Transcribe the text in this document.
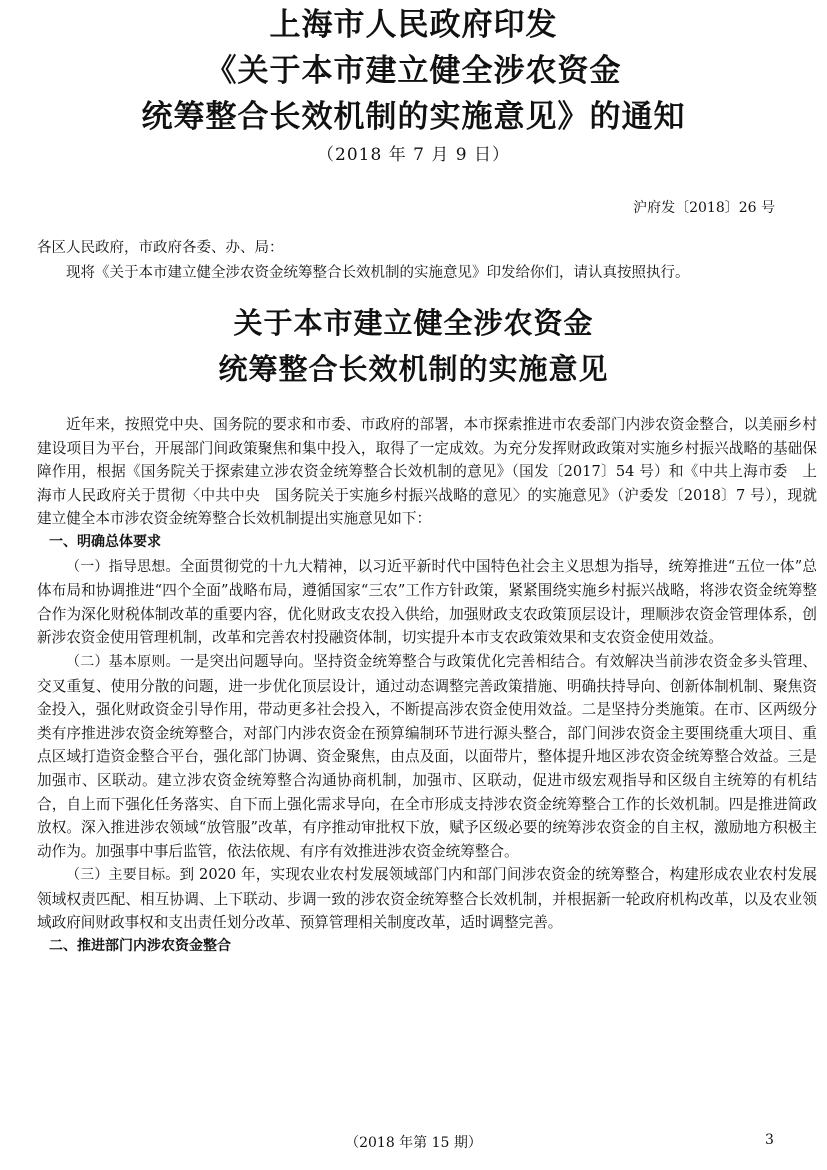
上海市人民政府印发
《关于本市建立健全涉农资金
统筹整合长效机制的实施意见》的通知
（2018 年 7 月 9 日）
沪府发〔2018〕26 号
各区人民政府，市政府各委、办、局：
现将《关于本市建立健全涉农资金统筹整合长效机制的实施意见》印发给你们，请认真按照执行。
关于本市建立健全涉农资金
统筹整合长效机制的实施意见

近年来，按照党中央、国务院的要求和市委、市政府的部署，本市探索推进市农委部门内涉农资金整合，以美丽乡村建设项目为平台，开展部门间政策聚焦和集中投入，取得了一定成效。为充分发挥财政政策对实施乡村振兴战略的基础保障作用，根据《国务院关于探索建立涉农资金统筹整合长效机制的意见》（国发〔2017〕54 号）和《中共上海市委　上海市人民政府关于贯彻〈中共中央　国务院关于实施乡村振兴战略的意见〉的实施意见》（沪委发〔2018〕7 号），现就建立健全本市涉农资金统筹整合长效机制提出实施意见如下：

一、明确总体要求

（一）指导思想。全面贯彻党的十九大精神，以习近平新时代中国特色社会主义思想为指导，统筹推进“五位一体”总体布局和协调推进“四个全面”战略布局，遵循国家“三农”工作方针政策，紧紧围绕实施乡村振兴战略，将涉农资金统筹整合作为深化财税体制改革的重要内容，优化财政支农投入供给，加强财政支农政策顶层设计，理顺涉农资金管理体系，创新涉农资金使用管理机制，改革和完善农村投融资体制，切实提升本市支农政策效果和支农资金使用效益。

（二）基本原则。一是突出问题导向。坚持资金统筹整合与政策优化完善相结合。有效解决当前涉农资金多头管理、交叉重复、使用分散的问题，进一步优化顶层设计，通过动态调整完善政策措施、明确扶持导向、创新体制机制、聚焦资金投入，强化财政资金引导作用，带动更多社会投入，不断提高涉农资金使用效益。二是坚持分类施策。在市、区两级分类有序推进涉农资金统筹整合，对部门内涉农资金在预算编制环节进行源头整合，部门间涉农资金主要围绕重大项目、重点区域打造资金整合平台，强化部门协调、资金聚焦，由点及面，以面带片，整体提升地区涉农资金统筹整合效益。三是加强市、区联动。建立涉农资金统筹整合沟通协商机制，加强市、区联动，促进市级宏观指导和区级自主统筹的有机结合，自上而下强化任务落实、自下而上强化需求导向，在全市形成支持涉农资金统筹整合工作的长效机制。四是推进简政放权。深入推进涉农领域“放管服”改革，有序推动审批权下放，赋予区级必要的统筹涉农资金的自主权，激励地方积极主动作为。加强事中事后监管，依法依规、有序有效推进涉农资金统筹整合。

（三）主要目标。到 2020 年，实现农业农村发展领域部门内和部门间涉农资金的统筹整合，构建形成农业农村发展领域权责匹配、相互协调、上下联动、步调一致的涉农资金统筹整合长效机制，并根据新一轮政府机构改革，以及农业领域政府间财政事权和支出责任划分改革、预算管理相关制度改革，适时调整完善。

二、推进部门内涉农资金整合

（2018 年第 15 期）	3
